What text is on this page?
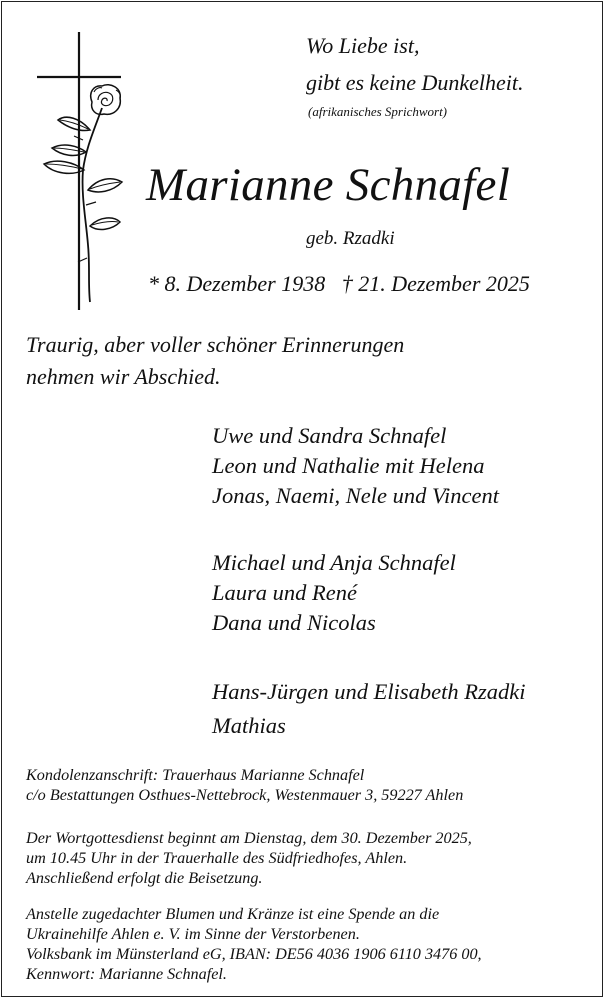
Wo Liebe ist,
gibt es keine Dunkelheit.
(afrikanisches Sprichwort)
Marianne Schnafel
geb. Rzadki
* 8. Dezember 1938   † 21. Dezember 2025
Traurig, aber voller schöner Erinnerungen
nehmen wir Abschied.
Uwe und Sandra Schnafel
Leon und Nathalie mit Helena
Jonas, Naemi, Nele und Vincent
Michael und Anja Schnafel
Laura und René
Dana und Nicolas
Hans-Jürgen und Elisabeth Rzadki
Mathias
Kondolenzanschrift: Trauerhaus Marianne Schnafel
c/o Bestattungen Osthues-Nettebrock, Westenmauer 3, 59227 Ahlen
Der Wortgottesdienst beginnt am Dienstag, dem 30. Dezember 2025,
um 10.45 Uhr in der Trauerhalle des Südfriedhofes, Ahlen.
Anschließend erfolgt die Beisetzung.
Anstelle zugedachter Blumen und Kränze ist eine Spende an die
Ukrainehilfe Ahlen e. V. im Sinne der Verstorbenen.
Volksbank im Münsterland eG, IBAN: DE56 4036 1906 6110 3476 00,
Kennwort: Marianne Schnafel.
